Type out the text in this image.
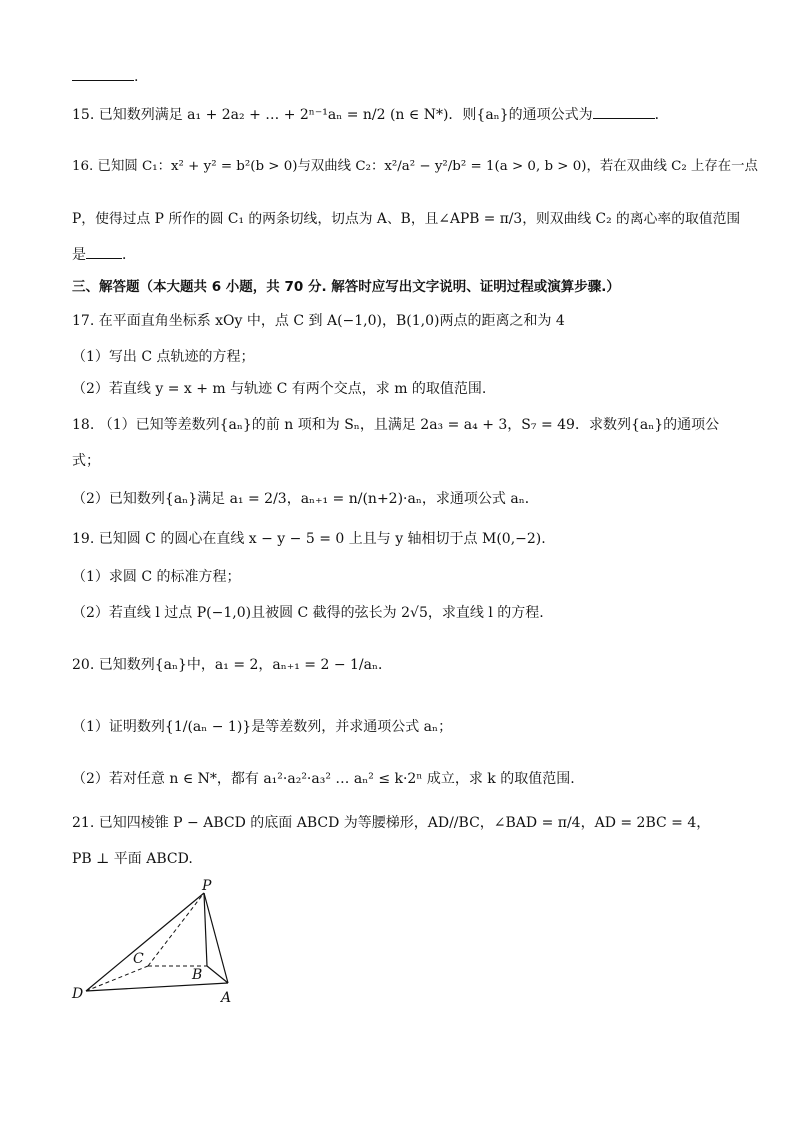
.
15. 已知数列满足 a₁ + 2a₂ + … + 2ⁿ⁻¹aₙ = n/2 (n ∈ N*)．则{aₙ}的通项公式为	．
16. 已知圆 C₁：x² + y² = b²(b > 0)与双曲线 C₂：x²/a² − y²/b² = 1(a > 0, b > 0)，若在双曲线 C₂ 上存在一点
P，使得过点 P 所作的圆 C₁ 的两条切线，切点为 A、B，且∠APB = π/3，则双曲线 C₂ 的离心率的取值范围
是	．
三、解答题（本大题共 6 小题，共 70 分. 解答时应写出文字说明、证明过程或演算步骤.）
17. 在平面直角坐标系 xOy 中，点 C 到 A(−1,0)，B(1,0)两点的距离之和为 4
（1）写出 C 点轨迹的方程；
（2）若直线 y = x + m 与轨迹 C 有两个交点，求 m 的取值范围.
18. （1）已知等差数列{aₙ}的前 n 项和为 Sₙ，且满足 2a₃ = a₄ + 3，S₇ = 49．求数列{aₙ}的通项公
式；
（2）已知数列{aₙ}满足 a₁ = 2/3，aₙ₊₁ = n/(n+2)·aₙ，求通项公式 aₙ．
19. 已知圆 C 的圆心在直线 x − y − 5 = 0 上且与 y 轴相切于点 M(0,−2).
（1）求圆 C 的标准方程；
（2）若直线 l 过点 P(−1,0)且被圆 C 截得的弦长为 2√5，求直线 l 的方程.
20. 已知数列{aₙ}中，a₁ = 2，aₙ₊₁ = 2 − 1/aₙ．
（1）证明数列{1/(aₙ − 1)}是等差数列，并求通项公式 aₙ；
（2）若对任意 n ∈ N*，都有 a₁²·a₂²·a₃² … aₙ² ≤ k·2ⁿ 成立，求 k 的取值范围.
21. 已知四棱锥 P − ABCD 的底面 ABCD 为等腰梯形，AD//BC，∠BAD = π/4，AD = 2BC = 4，
PB ⊥ 平面 ABCD.
P
C
B
D	A
